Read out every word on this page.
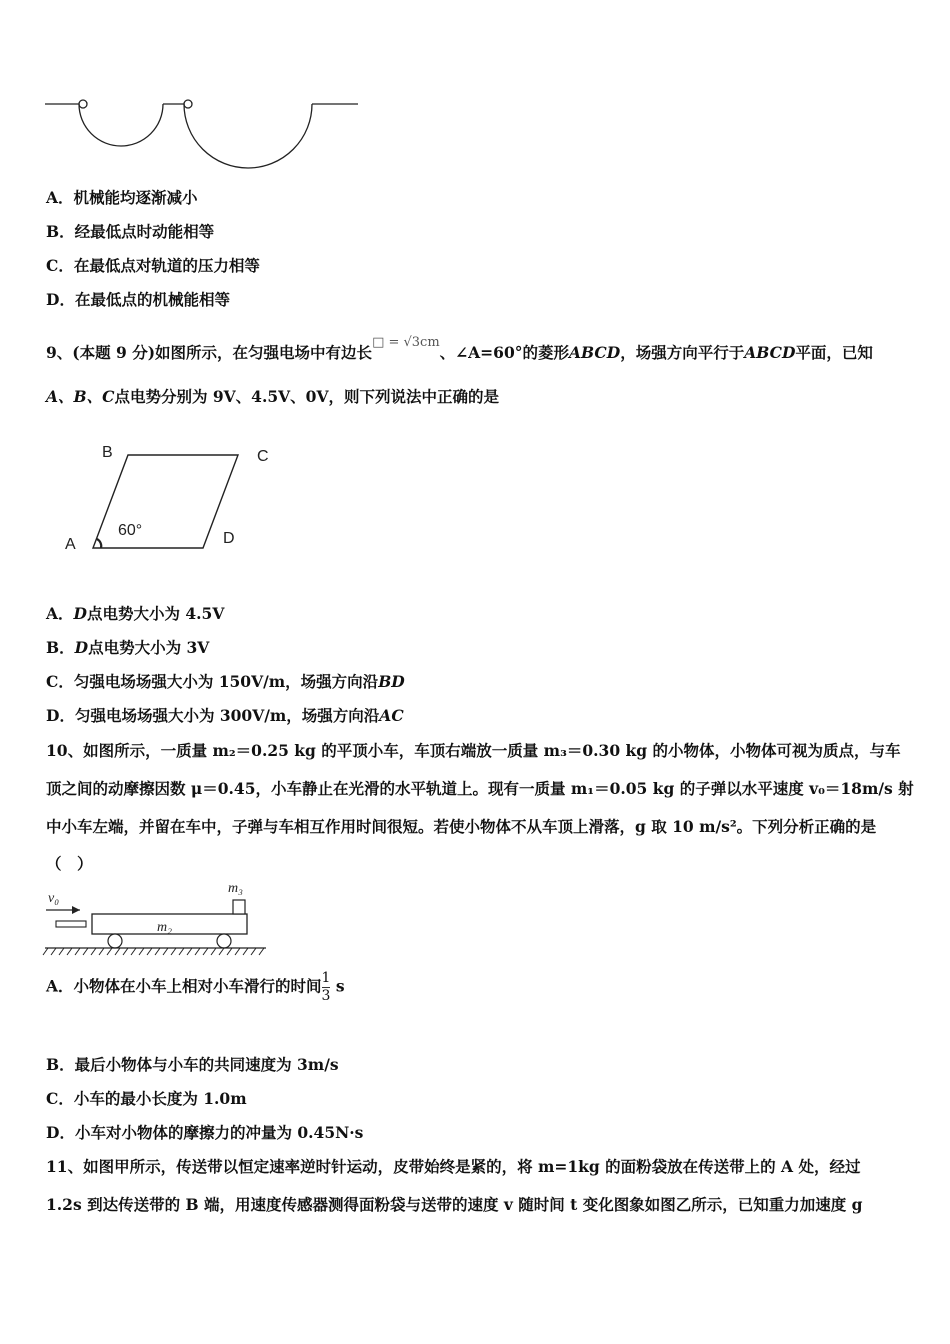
A．机械能均逐渐减小
B．经最低点时动能相等
C．在最低点对轨道的压力相等
D．在最低点的机械能相等
9、(本题 9 分)如图所示，在匀强电场中有边长$^{□ = √3cm}$、∠A=60°的菱形ABCD，场强方向平行于ABCD平面，已知
A、B、C点电势分别为 9V、4.5V、0V，则下列说法中正确的是
B	C
A	D
60°
A．D点电势大小为 4.5V
B．D点电势大小为 3V
C．匀强电场场强大小为 150V/m，场强方向沿BD
D．匀强电场场强大小为 300V/m，场强方向沿AC
10、如图所示，一质量 m₂＝0.25 kg 的平顶小车，车顶右端放一质量 m₃＝0.30 kg 的小物体，小物体可视为质点，与车
顶之间的动摩擦因数 μ＝0.45，小车静止在光滑的水平轨道上。现有一质量 m₁＝0.05 kg 的子弹以水平速度 v₀＝18m/s 射
中小车左端，并留在车中，子弹与车相互作用时间很短。若使小物体不从车顶上滑落，g 取 10 m/s²。下列分析正确的是
（　）
v₀
m₃
m₂
A．小物体在小车上相对小车滑行的时间 $\frac{1}{3}$ s
B．最后小物体与小车的共同速度为 3m/s
C．小车的最小长度为 1.0m
D．小车对小物体的摩擦力的冲量为 0.45N·s
11、如图甲所示，传送带以恒定速率逆时针运动，皮带始终是紧的，将 m=1kg 的面粉袋放在传送带上的 A 处，经过
1.2s 到达传送带的 B 端，用速度传感器测得面粉袋与送带的速度 v 随时间 t 变化图象如图乙所示，已知重力加速度 g
